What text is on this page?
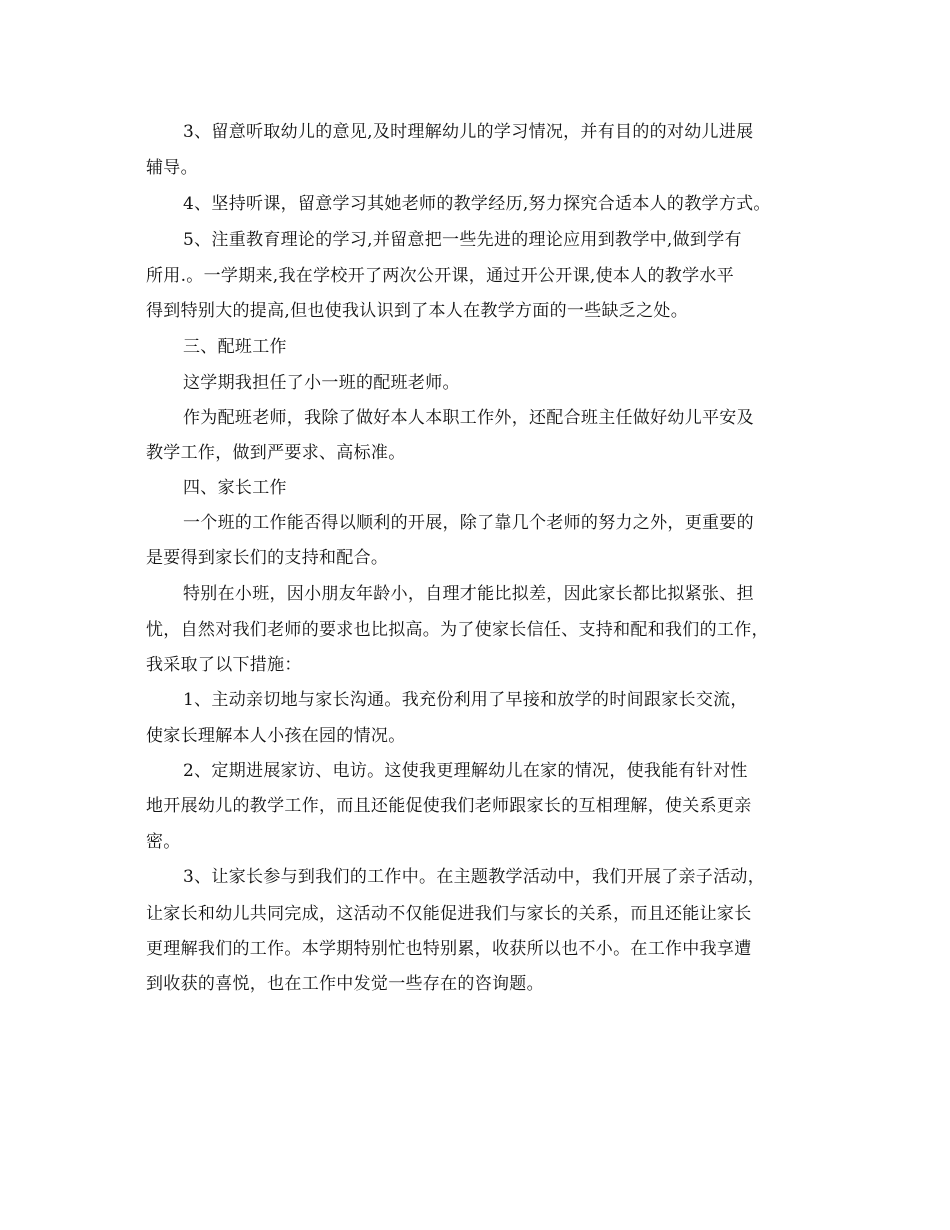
3、留意听取幼儿的意见,及时理解幼儿的学习情况，并有目的的对幼儿进展
辅导。
4、坚持听课，留意学习其她老师的教学经历,努力探究合适本人的教学方式。
5、注重教育理论的学习,并留意把一些先进的理论应用到教学中,做到学有
所用.。一学期来,我在学校开了两次公开课，通过开公开课,使本人的教学水平
得到特别大的提高,但也使我认识到了本人在教学方面的一些缺乏之处。
三、配班工作
这学期我担任了小一班的配班老师。
作为配班老师，我除了做好本人本职工作外，还配合班主任做好幼儿平安及
教学工作，做到严要求、高标准。
四、家长工作
一个班的工作能否得以顺利的开展，除了靠几个老师的努力之外，更重要的
是要得到家长们的支持和配合。
特别在小班，因小朋友年龄小，自理才能比拟差，因此家长都比拟紧张、担
忧，自然对我们老师的要求也比拟高。为了使家长信任、支持和配和我们的工作，
我采取了以下措施：
1、主动亲切地与家长沟通。我充份利用了早接和放学的时间跟家长交流，
使家长理解本人小孩在园的情况。
2、定期进展家访、电访。这使我更理解幼儿在家的情况，使我能有针对性
地开展幼儿的教学工作，而且还能促使我们老师跟家长的互相理解，使关系更亲
密。
3、让家长参与到我们的工作中。在主题教学活动中，我们开展了亲子活动，
让家长和幼儿共同完成，这活动不仅能促进我们与家长的关系，而且还能让家长
更理解我们的工作。本学期特别忙也特别累，收获所以也不小。在工作中我享遭
到收获的喜悦，也在工作中发觉一些存在的咨询题。
